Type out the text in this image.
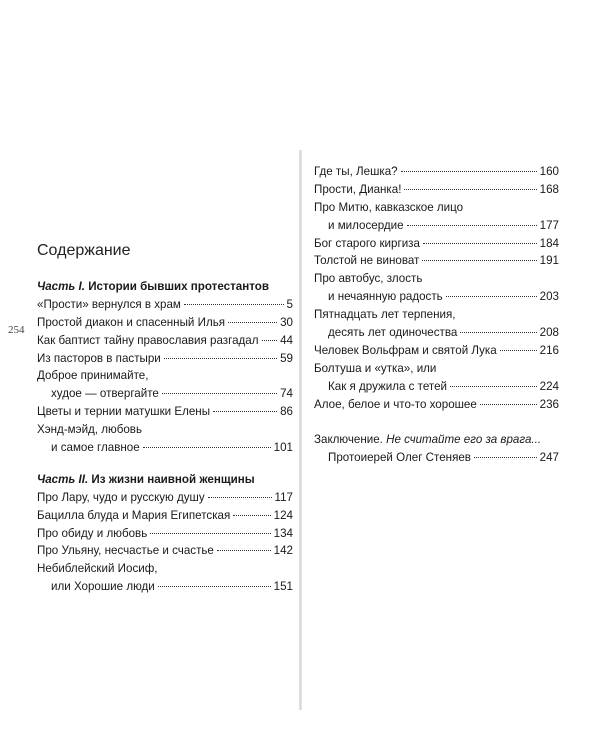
254
Содержание
Часть I. Истории бывших протестантов
«Прости» вернулся в храм	5
Простой диакон и спасенный Илья	30
Как баптист тайну православия разгадал 44
Из пасторов в пастыри	59
Доброе принимайте,
худое — отвергайте	74
Цветы и тернии матушки Елены	86
Хэнд-мэйд, любовь
и самое главное	101
Часть II. Из жизни наивной женщины
Про Лару, чудо и русскую душу	117
Бацилла блуда и Мария Египетская	124
Про обиду и любовь	134
Про Ульяну, несчастье и счастье	142
Небиблейский Иосиф,
или Хорошие люди	151
Где ты, Лешка?	160
Прости, Дианка!	168
Про Митю, кавказское лицо
и милосердие	177
Бог старого киргиза	184
Толстой не виноват	191
Про автобус, злость
и нечаянную радость	203
Пятнадцать лет терпения,
десять лет одиночества	208
Человек Вольфрам и святой Лука	216
Болтуша и «утка», или
Как я дружила с тетей	224
Алое, белое и что-то хорошее	236
Заключение. Не считайте его за врага...
Протоиерей Олег Стеняев	247
